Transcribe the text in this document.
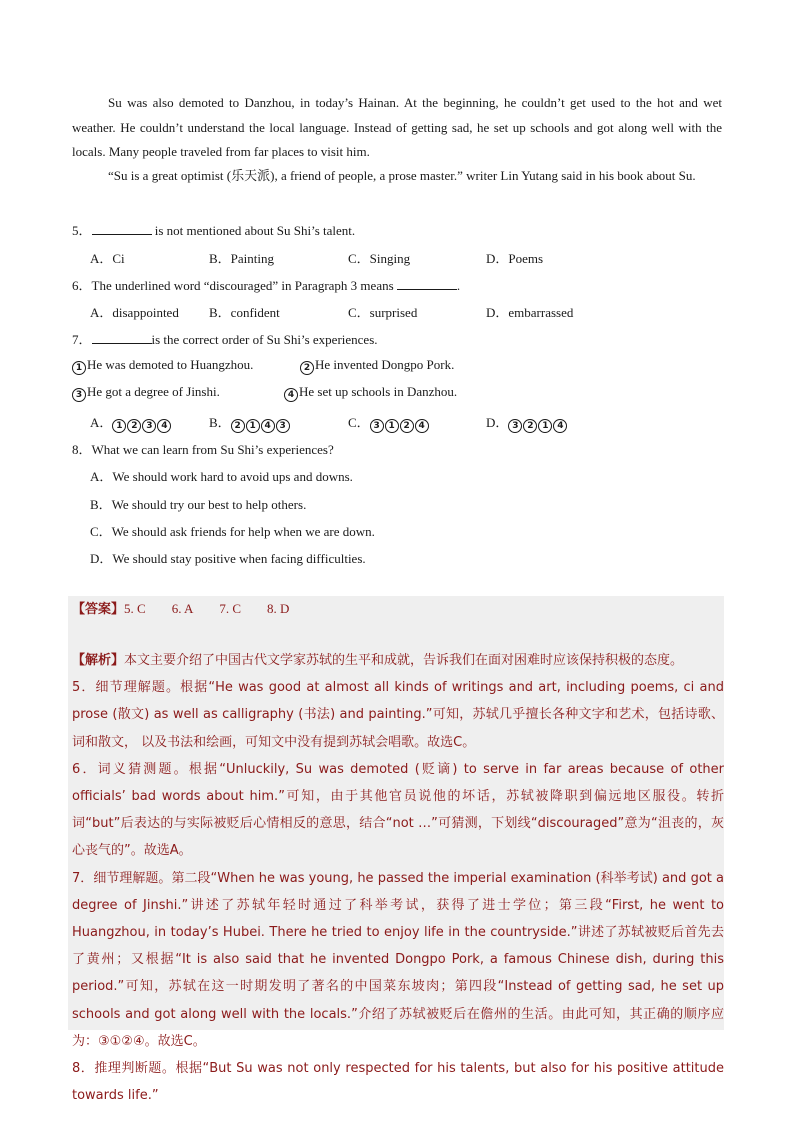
Su was also demoted to Danzhou, in today’s Hainan. At the beginning, he couldn’t get used to the hot and wet weather. He couldn’t understand the local language. Instead of getting sad, he set up schools and got along well with the locals. Many people traveled from far places to visit him.
“Su is a great optimist (乐天派), a friend of people, a prose master.” writer Lin Yutang said in his book about Su.
5．	is not mentioned about Su Shi’s talent.
A．Ci	B．Painting	C．Singing	D．Poems
6．The underlined word “discouraged” in Paragraph 3 means	.
A．disappointed B．confident	C．surprised	D．embarrassed
7．	is the correct order of Su Shi’s experiences.
1 He was demoted to Huangzhou.	2 He invented Dongpo Pork.
3 He got a degree of Jinshi.	4 He set up schools in Danzhou.
A． 1 2 3 4	B． 2 1 4 3	C． 3 1 2 4	D． 3 2 1 4
8．What we can learn from Su Shi’s experiences?
A．We should work hard to avoid ups and downs.
B．We should try our best to help others.
C．We should ask friends for help when we are down.
D．We should stay positive when facing difficulties.
【答案】5. C 6. A 7. C 8. D

【解析】本文主要介绍了中国古代文学家苏轼的生平和成就，告诉我们在面对困难时应该保持积极的态度。

5．细节理解题。根据“He was good at almost all kinds of writings and art, including poems, ci and prose (散文) as well as calligraphy (书法) and painting.”可知，苏轼几乎擅长各种文字和艺术，包括诗歌、词和散文， 以及书法和绘画，可知文中没有提到苏轼会唱歌。故选C。

6．词义猜测题。根据“Unluckily, Su was demoted (贬谪) to serve in far areas because of other officials’ bad words about him.”可知，由于其他官员说他的坏话，苏轼被降职到偏远地区服役。转折词“but”后表达的与实际被贬后心情相反的意思，结合“not …”可猜测，下划线“discouraged”意为“沮丧的，灰心丧气的”。故选A。

7．细节理解题。第二段“When he was young, he passed the imperial examination (科举考试) and got a degree of Jinshi.”讲述了苏轼年轻时通过了科举考试，获得了进士学位；第三段“First, he went to Huangzhou, in today’s Hubei. There he tried to enjoy life in the countryside.”讲述了苏轼被贬后首先去了黄州；又根据“It is also said that he invented Dongpo Pork, a famous Chinese dish, during this period.”可知，苏轼在这一时期发明了著名的中国菜东坡肉；第四段“Instead of getting sad, he set up schools and got along well with the locals.”介绍了苏轼被贬后在儋州的生活。由此可知，其正确的顺序应为：③①②④。故选C。

8．推理判断题。根据“But Su was not only respected for his talents, but also for his positive attitude towards life.”
